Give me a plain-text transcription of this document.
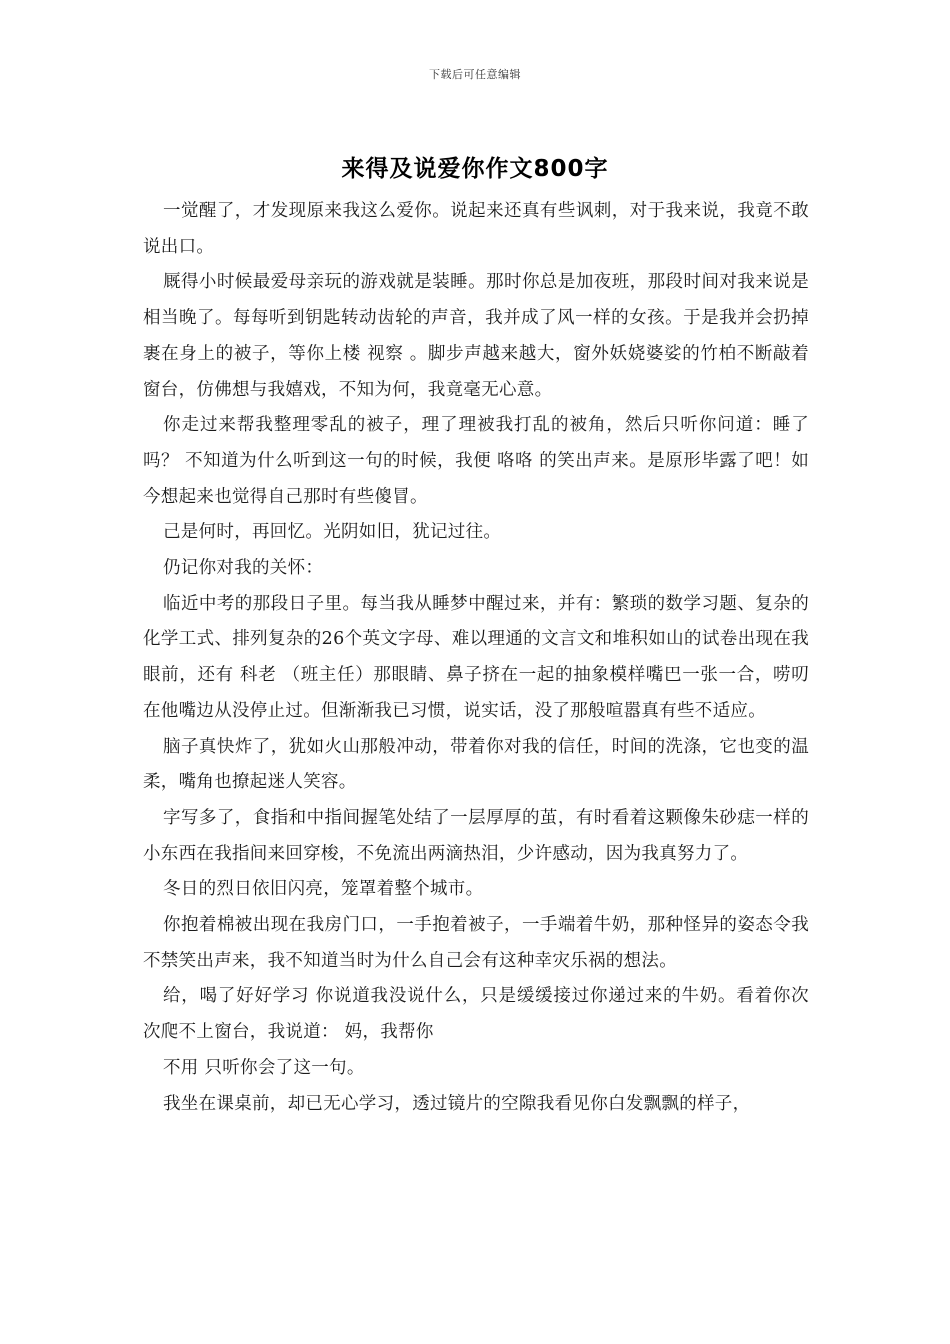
下载后可任意编辑
来得及说爱你作文800字

一觉醒了，才发现原来我这么爱你。说起来还真有些讽刺，对于我来说，我竟不敢说出口。

厩得小时候最爱母亲玩的游戏就是装睡。那时你总是加夜班，那段时间对我来说是相当晚了。每每听到钥匙转动齿轮的声音，我并成了风一样的女孩。于是我并会扔掉裹在身上的被子，等你上楼 视察 。脚步声越来越大，窗外妖娆婆娑的竹柏不断敲着窗台，仿佛想与我嬉戏，不知为何，我竟毫无心意。

你走过来帮我整理零乱的被子，理了理被我打乱的被角，然后只听你问道：睡了吗？ 不知道为什么听到这一句的时候，我便 咯咯 的笑出声来。是原形毕露了吧！如今想起来也觉得自己那时有些傻冒。

己是何时，再回忆。光阴如旧，犹记过往。

仍记你对我的关怀：

临近中考的那段日子里。每当我从睡梦中醒过来，并有：繁琐的数学习题、复杂的化学工式、排列复杂的26个英文字母、难以理通的文言文和堆积如山的试卷出现在我眼前，还有 科老 （班主任）那眼睛、鼻子挤在一起的抽象模样嘴巴一张一合，唠叨在他嘴边从没停止过。但渐渐我已习惯，说实话，没了那般喧嚣真有些不适应。

脑子真快炸了，犹如火山那般冲动，带着你对我的信任，时间的洗涤，它也变的温柔，嘴角也撩起迷人笑容。

字写多了，食指和中指间握笔处结了一层厚厚的茧，有时看着这颗像朱砂痣一样的小东西在我指间来回穿梭，不免流出两滴热泪，少许感动，因为我真努力了。

冬日的烈日依旧闪亮，笼罩着整个城市。

你抱着棉被出现在我房门口，一手抱着被子，一手端着牛奶，那种怪异的姿态令我不禁笑出声来，我不知道当时为什么自己会有这种幸灾乐祸的想法。

给，喝了好好学习 你说道我没说什么，只是缓缓接过你递过来的牛奶。看着你次次爬不上窗台，我说道： 妈，我帮你

不用 只听你会了这一句。

我坐在课桌前，却已无心学习，透过镜片的空隙我看见你白发飘飘的样子，
